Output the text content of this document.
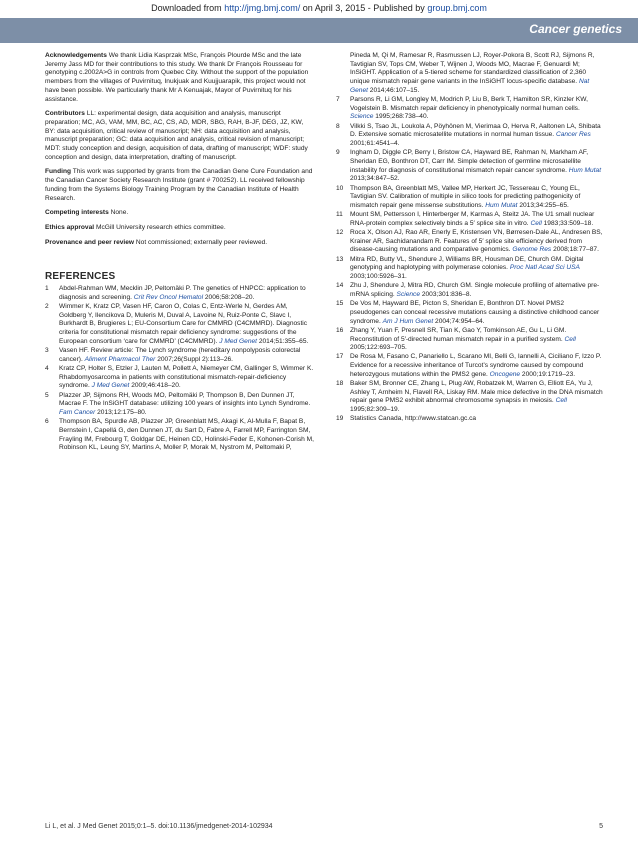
Downloaded from http://jmg.bmj.com/ on April 3, 2015 - Published by group.bmj.com
Cancer genetics
Acknowledgements We thank Lidia Kasprzak MSc, François Plourde MSc and the late Jeremy Jass MD for their contributions to this study. We thank Dr François Rousseau for genotyping c.2002A>G in controls from Quebec City. Without the support of the population members from the villages of Puvirnituq, Inukjuak and Kuujjuarapik, this project would not have been possible. We particularly thank Mr A Kenuajak, Mayor of Puvirnituq for his assistance.
Contributors LL: experimental design, data acquisition and analysis, manuscript preparation; MC, AG, VAM, MM, BC, AC, CS, AD, MDR, SBG, RAH, B-JF, DEG, JZ, KW, BY: data acquisition, critical review of manuscript; NH: data acquisition and analysis, manuscript preparation; GC: data acquisition and analysis, critical revision of manuscript; MDT: study conception and design, acquisition of data, drafting of manuscript; WDF: study conception and design, data interpretation, drafting of manuscript.
Funding This work was supported by grants from the Canadian Gene Cure Foundation and the Canadian Cancer Society Research Institute (grant # 700252). LL received fellowship funding from the Systems Biology Training Program by the Canadian Institute of Health Research.
Competing interests None.
Ethics approval McGill University research ethics committee.
Provenance and peer review Not commissioned; externally peer reviewed.
REFERENCES
1	Abdel-Rahman WM, Mecklin JP, Peltomäki P. The genetics of HNPCC: application to diagnosis and screening. Crit Rev Oncol Hematol 2006;58:208–20.
2	Wimmer K, Kratz CP, Vasen HF, Caron O, Colas C, Entz-Werle N, Gerdes AM, Goldberg Y, Ilencikova D, Muleris M, Duval A, Lavoine N, Ruiz-Ponte C, Slavc I, Burkhardt B, Brugieres L; EU-Consortium Care for CMMRD (C4CMMRD). Diagnostic criteria for constitutional mismatch repair deficiency syndrome: suggestions of the European consortium ‘care for CMMRD’ (C4CMMRD). J Med Genet 2014;51:355–65.
3	Vasen HF. Review article: The Lynch syndrome (hereditary nonpolyposis colorectal cancer). Aliment Pharmacol Ther 2007;26(Suppl 2):113–26.
4	Kratz CP, Holter S, Etzler J, Lauten M, Pollett A, Niemeyer CM, Gallinger S, Wimmer K. Rhabdomyosarcoma in patients with constitutional mismatch-repair-deficiency syndrome. J Med Genet 2009;46:418–20.
5	Plazzer JP, Sijmons RH, Woods MO, Peltomäki P, Thompson B, Den Dunnen JT, Macrae F. The InSiGHT database: utilizing 100 years of insights into Lynch Syndrome. Fam Cancer 2013;12:175–80.
6	Thompson BA, Spurdle AB, Plazzer JP, Greenblatt MS, Akagi K, Al-Mulla F, Bapat B, Bernstein I, Capellá G, den Dunnen JT, du Sart D, Fabre A, Farrell MP, Farrington SM, Frayling IM, Frebourg T, Goldgar DE, Heinen CD, Holinski-Feder E, Kohonen-Corish M, Robinson KL, Leung SY, Martins A, Moller P, Morak M, Nystrom M, Peltomaki P,
Pineda M, Qi M, Ramesar R, Rasmussen LJ, Royer-Pokora B, Scott RJ, Sijmons R, Tavtigian SV, Tops CM, Weber T, Wijnen J, Woods MO, Macrae F, Genuardi M; InSiGHT. Application of a 5-tiered scheme for standardized classification of 2,360 unique mismatch repair gene variants in the InSiGHT locus-specific database. Nat Genet 2014;46:107–15.
7	Parsons R, Li GM, Longley M, Modrich P, Liu B, Berk T, Hamilton SR, Kinzler KW, Vogelstein B. Mismatch repair deficiency in phenotypically normal human cells. Science 1995;268:738–40.
8	Vilkki S, Tsao JL, Loukola A, Pöyhönen M, Vierimaa O, Herva R, Aaltonen LA, Shibata D. Extensive somatic microsatellite mutations in normal human tissue. Cancer Res 2001;61:4541–4.
9	Ingham D, Diggle CP, Berry I, Bristow CA, Hayward BE, Rahman N, Markham AF, Sheridan EG, Bonthron DT, Carr IM. Simple detection of germline microsatellite instability for diagnosis of constitutional mismatch repair cancer syndrome. Hum Mutat 2013;34:847–52.
10	Thompson BA, Greenblatt MS, Vallee MP, Herkert JC, Tessereau C, Young EL, Tavtigian SV. Calibration of multiple in silico tools for predicting pathogenicity of mismatch repair gene missense substitutions. Hum Mutat 2013;34:255–65.
11	Mount SM, Pettersson I, Hinterberger M, Karmas A, Steitz JA. The U1 small nuclear RNA-protein complex selectively binds a 5′ splice site in vitro. Cell 1983;33:509–18.
12	Roca X, Olson AJ, Rao AR, Enerly E, Kristensen VN, Børresen-Dale AL, Andresen BS, Krainer AR, Sachidanandam R. Features of 5′ splice site efficiency derived from disease-causing mutations and comparative genomics. Genome Res 2008;18:77–87.
13	Mitra RD, Butty VL, Shendure J, Williams BR, Housman DE, Church GM. Digital genotyping and haplotyping with polymerase colonies. Proc Natl Acad Sci USA 2003;100:5926–31.
14	Zhu J, Shendure J, Mitra RD, Church GM. Single molecule profiling of alternative pre-mRNA splicing. Science 2003;301:836–8.
15	De Vos M, Hayward BE, Picton S, Sheridan E, Bonthron DT. Novel PMS2 pseudogenes can conceal recessive mutations causing a distinctive childhood cancer syndrome. Am J Hum Genet 2004;74:954–64.
16	Zhang Y, Yuan F, Presnell SR, Tian K, Gao Y, Tomkinson AE, Gu L, Li GM. Reconstitution of 5′-directed human mismatch repair in a purified system. Cell 2005;122:693–705.
17	De Rosa M, Fasano C, Panariello L, Scarano MI, Belli G, Iannelli A, Ciciliano F, Izzo P. Evidence for a recessive inheritance of Turcot’s syndrome caused by compound heterozygous mutations within the PMS2 gene. Oncogene 2000;19:1719–23.
18	Baker SM, Bronner CE, Zhang L, Plug AW, Robatzek M, Warren G, Elliott EA, Yu J, Ashley T, Arnheim N, Flavell RA, Liskay RM. Male mice defective in the DNA mismatch repair gene PMS2 exhibit abnormal chromosome synapsis in meiosis. Cell 1995;82:309–19.
19	Statistics Canada, http://www.statcan.gc.ca
Li L, et al. J Med Genet 2015;0:1–5. doi:10.1136/jmedgenet-2014-102934	5
